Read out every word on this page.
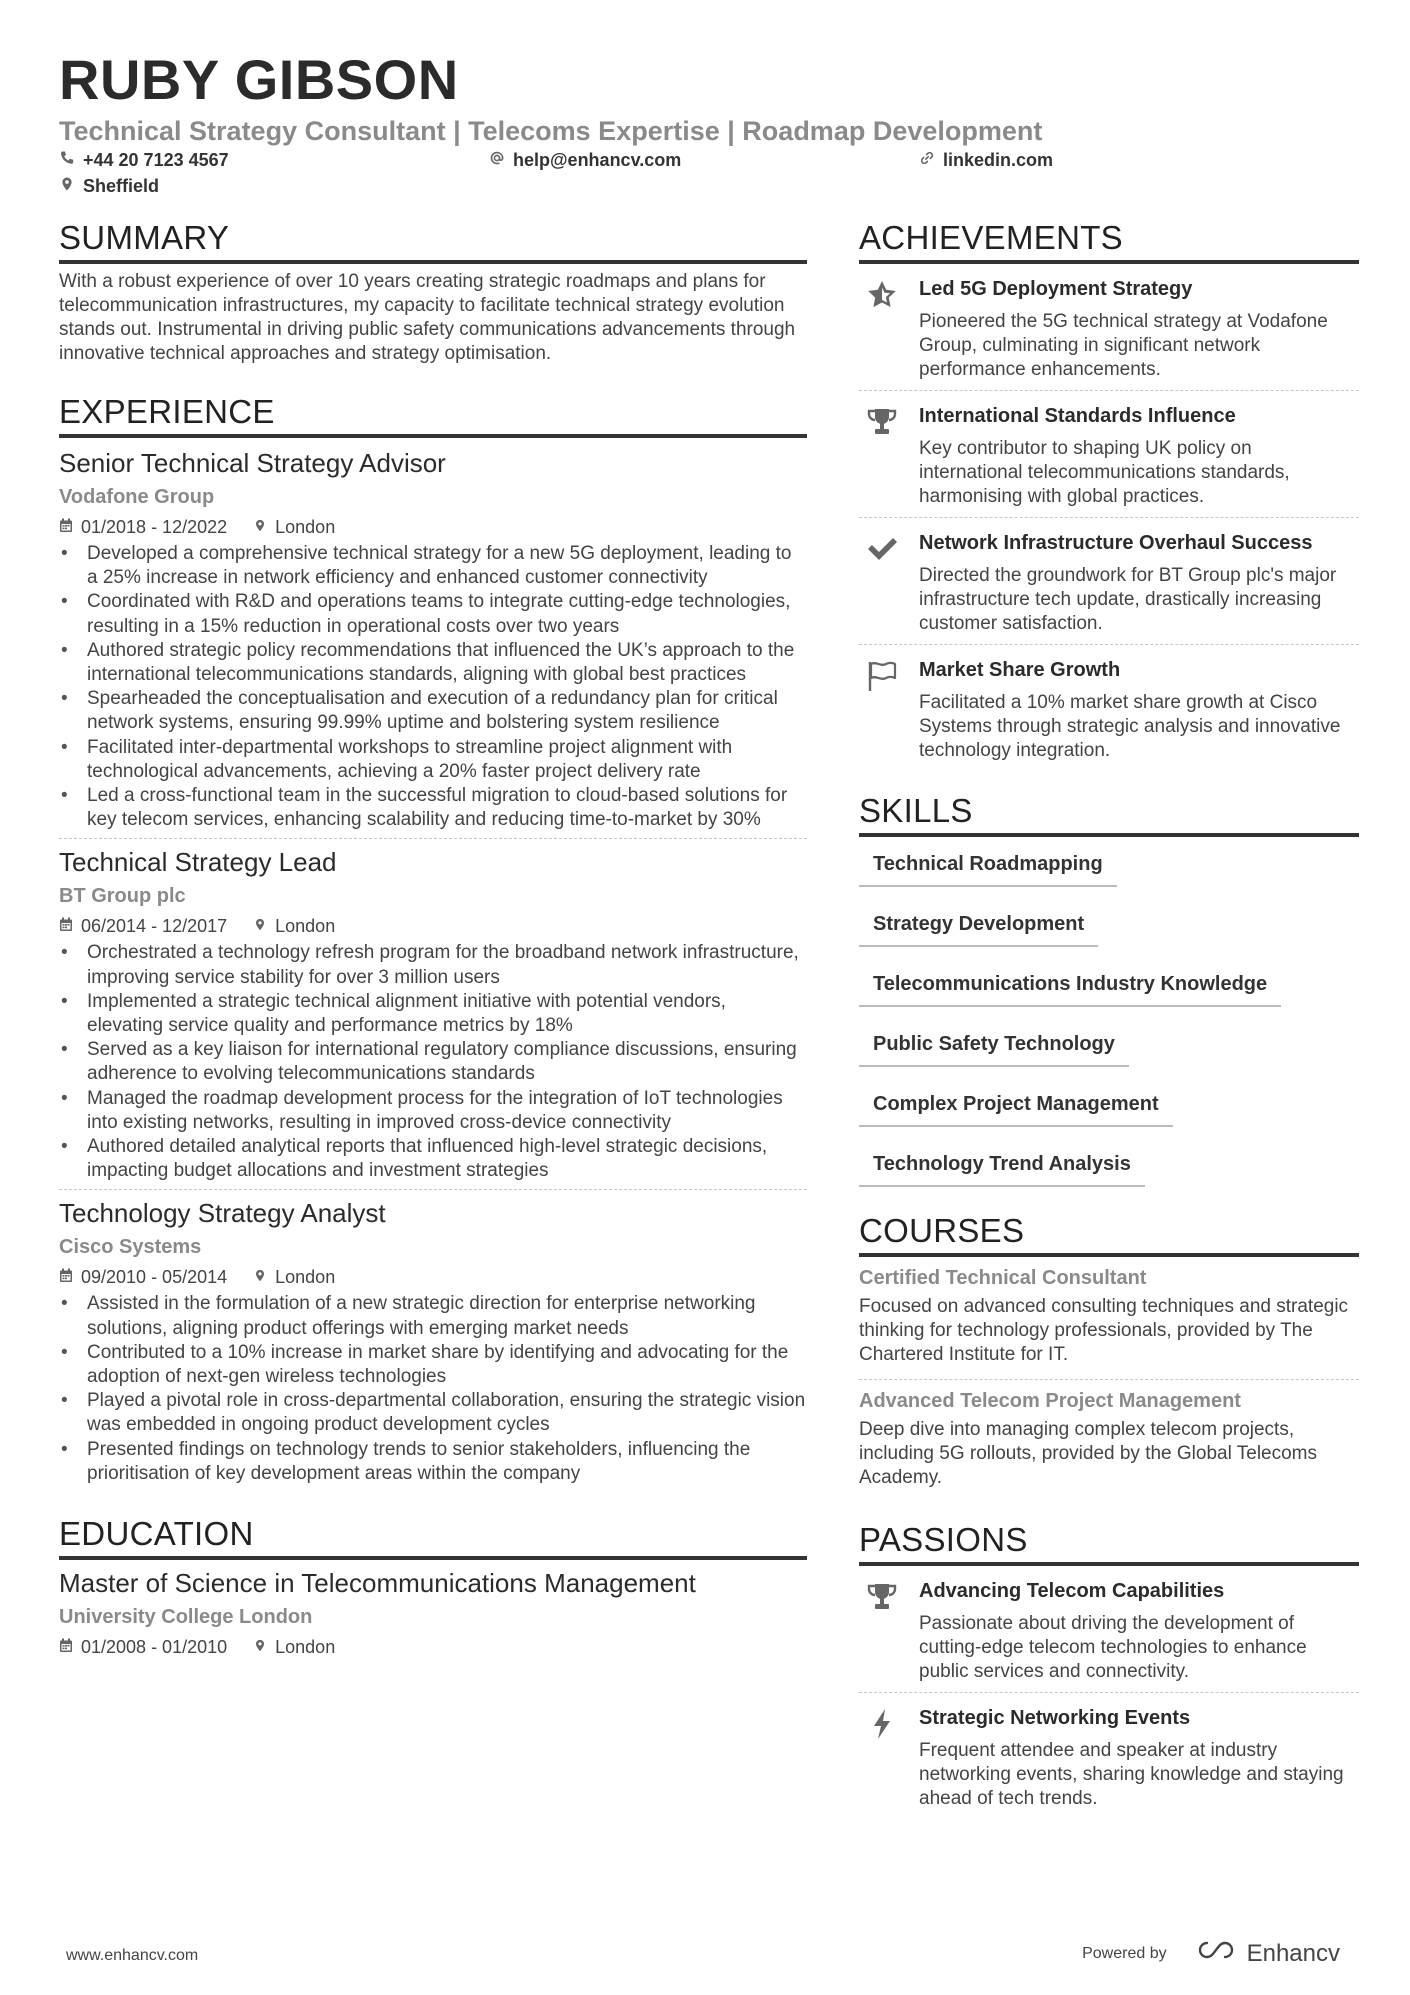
RUBY GIBSON
Technical Strategy Consultant | Telecoms Expertise | Roadmap Development
+44 20 7123 4567	help@enhancv.com	linkedin.com
Sheffield
SUMMARY

With a robust experience of over 10 years creating strategic roadmaps and plans for telecommunication infrastructures, my capacity to facilitate technical strategy evolution stands out. Instrumental in driving public safety communications advancements through innovative technical approaches and strategy optimisation.

EXPERIENCE
Senior Technical Strategy Advisor
Vodafone Group
01/2018 - 12/2022	London
• Developed a comprehensive technical strategy for a new 5G deployment, leading to a 25% increase in network efficiency and enhanced customer connectivity
• Coordinated with R&D and operations teams to integrate cutting-edge technologies, resulting in a 15% reduction in operational costs over two years
• Authored strategic policy recommendations that influenced the UK’s approach to the international telecommunications standards, aligning with global best practices
• Spearheaded the conceptualisation and execution of a redundancy plan for critical network systems, ensuring 99.99% uptime and bolstering system resilience
• Facilitated inter-departmental workshops to streamline project alignment with technological advancements, achieving a 20% faster project delivery rate
• Led a cross-functional team in the successful migration to cloud-based solutions for key telecom services, enhancing scalability and reducing time-to-market by 30%
Technical Strategy Lead
BT Group plc
06/2014 - 12/2017	London
• Orchestrated a technology refresh program for the broadband network infrastructure, improving service stability for over 3 million users
• Implemented a strategic technical alignment initiative with potential vendors, elevating service quality and performance metrics by 18%
• Served as a key liaison for international regulatory compliance discussions, ensuring adherence to evolving telecommunications standards
• Managed the roadmap development process for the integration of IoT technologies into existing networks, resulting in improved cross-device connectivity
• Authored detailed analytical reports that influenced high-level strategic decisions, impacting budget allocations and investment strategies
Technology Strategy Analyst
Cisco Systems
09/2010 - 05/2014	London
• Assisted in the formulation of a new strategic direction for enterprise networking solutions, aligning product offerings with emerging market needs
• Contributed to a 10% increase in market share by identifying and advocating for the adoption of next-gen wireless technologies
• Played a pivotal role in cross-departmental collaboration, ensuring the strategic vision was embedded in ongoing product development cycles
• Presented findings on technology trends to senior stakeholders, influencing the prioritisation of key development areas within the company
EDUCATION
Master of Science in Telecommunications Management
University College London
01/2008 - 01/2010	London
ACHIEVEMENTS
Led 5G Deployment Strategy
Pioneered the 5G technical strategy at Vodafone Group, culminating in significant network performance enhancements.
International Standards Influence
Key contributor to shaping UK policy on international telecommunications standards, harmonising with global practices.
Network Infrastructure Overhaul Success
Directed the groundwork for BT Group plc's major infrastructure tech update, drastically increasing customer satisfaction.
Market Share Growth
Facilitated a 10% market share growth at Cisco Systems through strategic analysis and innovative technology integration.
SKILLS
Technical Roadmapping
Strategy Development
Telecommunications Industry Knowledge
Public Safety Technology
Complex Project Management
Technology Trend Analysis
COURSES
Certified Technical Consultant
Focused on advanced consulting techniques and strategic thinking for technology professionals, provided by The Chartered Institute for IT.
Advanced Telecom Project Management
Deep dive into managing complex telecom projects, including 5G rollouts, provided by the Global Telecoms Academy.
PASSIONS
Advancing Telecom Capabilities
Passionate about driving the development of cutting-edge telecom technologies to enhance public services and connectivity.
Strategic Networking Events
Frequent attendee and speaker at industry networking events, sharing knowledge and staying ahead of tech trends.
www.enhancv.com	Powered by	Enhancv
